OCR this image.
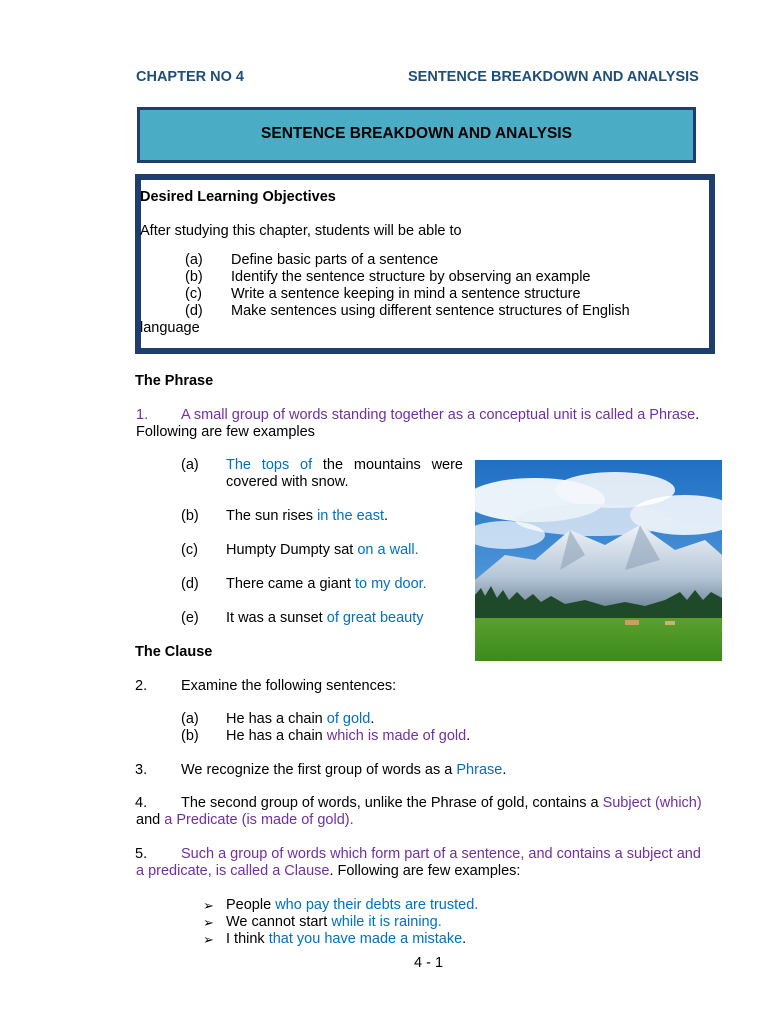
CHAPTER NO 4	SENTENCE BREAKDOWN AND ANALYSIS
SENTENCE BREAKDOWN AND ANALYSIS
Desired Learning Objectives
After studying this chapter, students will be able to
(a) Define basic parts of a sentence
(b) Identify the sentence structure by observing an example
(c) Write a sentence keeping in mind a sentence structure
(d) Make sentences using different sentence structures of English
language
The Phrase
1. A small group of words standing together as a conceptual unit is called a Phrase.
Following are few examples
(a) The tops of the mountains were
covered with snow.
(b) The sun rises in the east.
(c) Humpty Dumpty sat on a wall.
(d) There came a giant to my door.
(e) It was a sunset of great beauty
The Clause
2. Examine the following sentences:
(a) He has a chain of gold.
(b) He has a chain which is made of gold.
3. We recognize the first group of words as a Phrase.
4. The second group of words, unlike the Phrase of gold, contains a Subject (which)
and a Predicate (is made of gold).
5. Such a group of words which form part of a sentence, and contains a subject and
a predicate, is called a Clause. Following are few examples:
➢ People who pay their debts are trusted.
➢ We cannot start while it is raining.
➢ I think that you have made a mistake.
4 - 1
